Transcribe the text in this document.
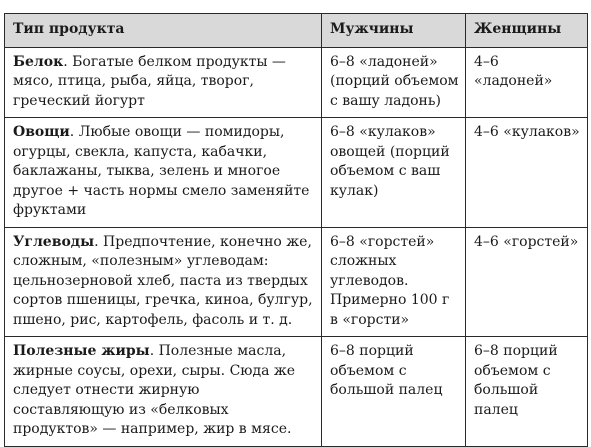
Тип продукта	Мужчины	Женщины
Белок. Богатые белком продукты — мясо, птица, рыба, яйца, творог, греческий йогурт	6–8 «ладоней» (порций объемом с вашу ладонь)	4–6 «ладоней»
Овощи. Любые овощи — помидоры, огурцы, свекла, капуста, кабачки, баклажаны, тыква, зелень и многое другое + часть нормы смело заменяйте фруктами	6–8 «кулаков» овощей (порций объемом с ваш кулак)	4–6 «кулаков»
Углеводы. Предпочтение, конечно же, сложным, «полезным» углеводам: цельнозерновой хлеб, паста из твердых сортов пшеницы, гречка, киноа, булгур, пшено, рис, картофель, фасоль и т. д.	6–8 «горстей» сложных углеводов. Примерно 100 г в «горсти»	4–6 «горстей»
Полезные жиры. Полезные масла, жирные соусы, орехи, сыры. Сюда же следует отнести жирную составляющую из «белковых продуктов» — например, жир в мясе.	6–8 порций объемом с большой палец	6–8 порций объемом с большой палец
